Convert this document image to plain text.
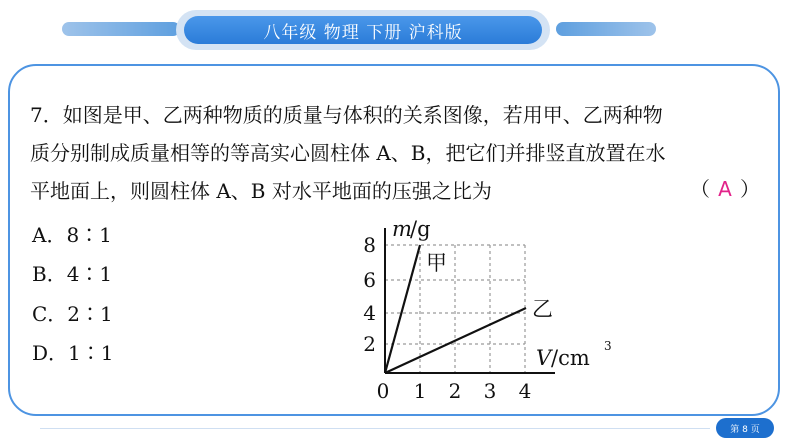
八年级 物理 下册 沪科版
7．如图是甲、乙两种物质的质量与体积的关系图像，若用甲、乙两种物
质分别制成质量相等的等高实心圆柱体 A、B，把它们并排竖直放置在水
平地面上，则圆柱体 A、B 对水平地面的压强之比为	（ A ）
A．8∶1
B．4∶1
C．2∶1
D．1∶1
m
/g
8
6
4
2
0 1 2 3 4
V /cm 3
甲
乙
第 8 页
